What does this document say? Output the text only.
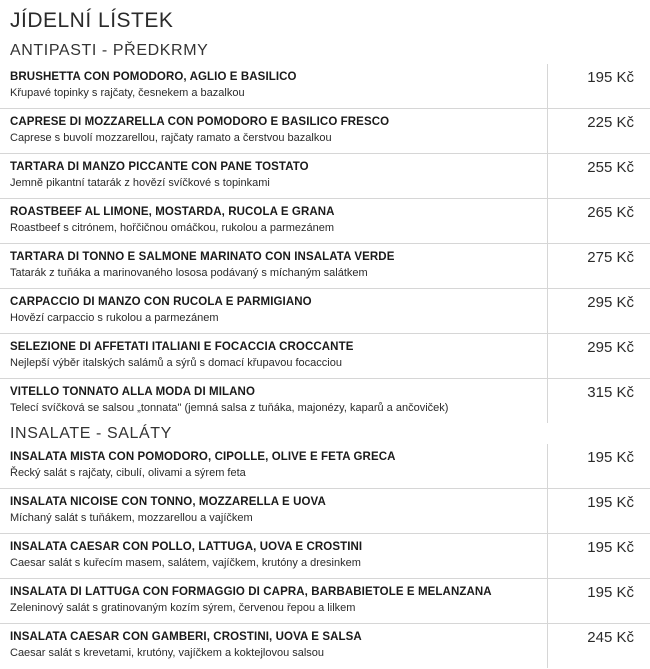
JÍDELNÍ LÍSTEK
ANTIPASTI - PŘEDKRMY
BRUSHETTA CON POMODORO, AGLIO E BASILICO
Křupavé topinky s rajčaty, česnekem a bazalkou
195 Kč
CAPRESE DI MOZZARELLA CON POMODORO E BASILICO FRESCO
Caprese s buvolí mozzarellou, rajčaty ramato a čerstvou bazalkou
225 Kč
TARTARA DI MANZO PICCANTE CON PANE TOSTATO
Jemně pikantní tatarák z hovězí svíčkové s topinkami
255 Kč
ROASTBEEF AL LIMONE, MOSTARDA, RUCOLA E GRANA
Roastbeef s citrónem, hořčičnou omáčkou, rukolou a parmezánem
265 Kč
TARTARA DI TONNO E SALMONE MARINATO CON INSALATA VERDE
Tatarák z tuňáka a marinovaného lososa podávaný s míchaným salátkem
275 Kč
CARPACCIO DI MANZO CON RUCOLA E PARMIGIANO
Hovězí carpaccio s rukolou a parmezánem
295 Kč
SELEZIONE DI AFFETATI ITALIANI E FOCACCIA CROCCANTE
Nejlepší výběr italských salámů a sýrů s domací křupavou focacciou
295 Kč
VITELLO TONNATO ALLA MODA DI MILANO
Telecí svíčková se salsou „tonnata" (jemná salsa z tuňáka, majonézy, kaparů a ančoviček)
315 Kč
INSALATE - SALÁTY
INSALATA MISTA CON POMODORO, CIPOLLE, OLIVE E FETA GRECA
Řecký salát s rajčaty, cibulí, olivami a sýrem feta
195 Kč
INSALATA NICOISE CON TONNO, MOZZARELLA E UOVA
Míchaný salát s tuňákem, mozzarellou a vajíčkem
195 Kč
INSALATA CAESAR CON POLLO, LATTUGA, UOVA E CROSTINI
Caesar salát s kuřecím masem, salátem, vajíčkem, krutóny a dresinkem
195 Kč
INSALATA DI LATTUGA CON FORMAGGIO DI CAPRA, BARBABIETOLE E MELANZANA
Zeleninový salát s gratinovaným kozím sýrem, červenou řepou a lilkem
195 Kč
INSALATA CAESAR CON GAMBERI, CROSTINI, UOVA E SALSA
Caesar salát s krevetami, krutóny, vajíčkem a koktejlovou salsou
245 Kč
